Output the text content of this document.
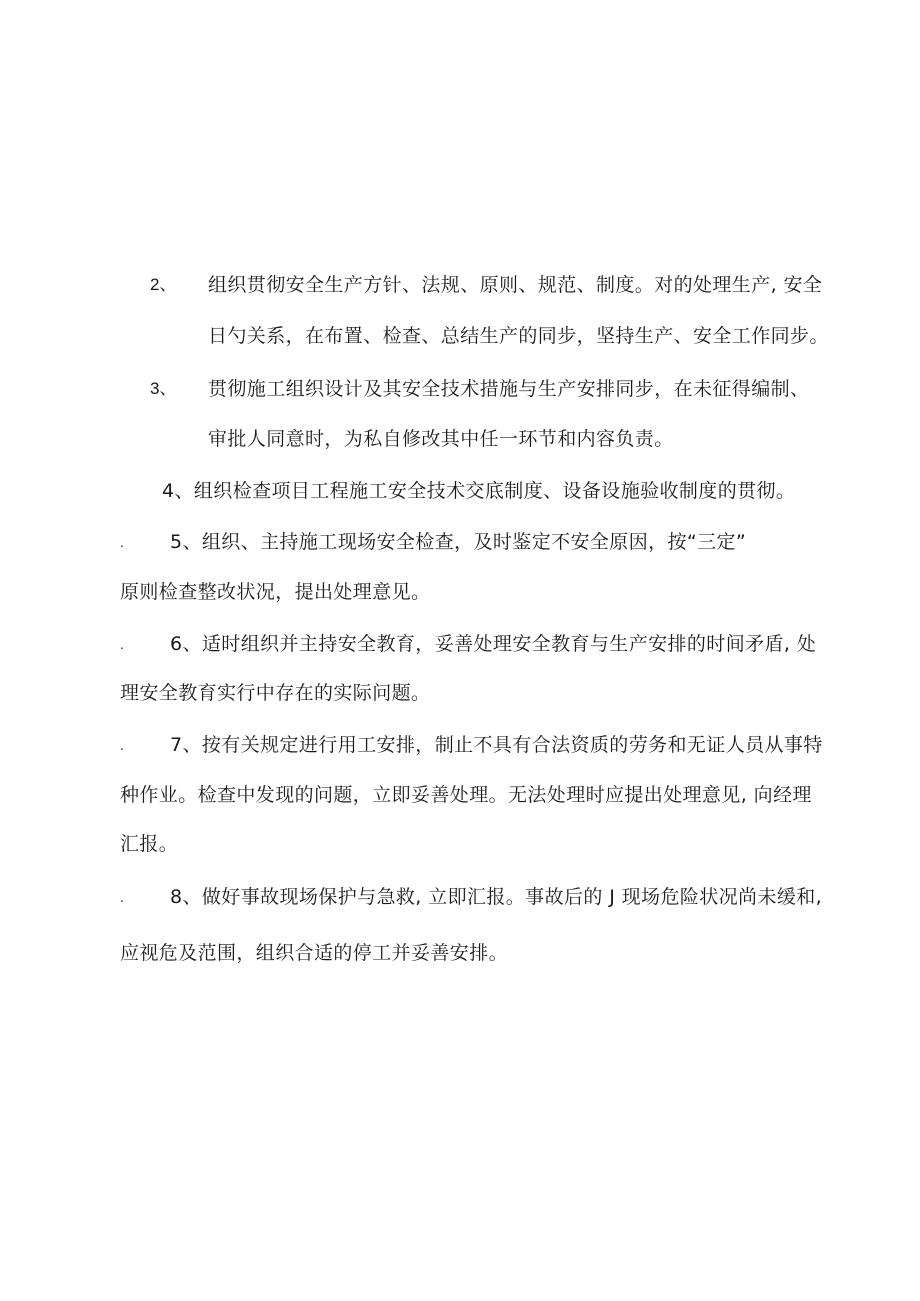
2、 组织贯彻安全生产方针、法规、原则、规范、制度。对的处理生产, 安全
日勺关系，在布置、检查、总结生产的同步，坚持生产、安全工作同步。
3、 贯彻施工组织设计及其安全技术措施与生产安排同步，在未征得编制、
审批人同意时，为私自修改其中任一环节和内容负责。
4、组织检查项目工程施工安全技术交底制度、设备设施验收制度的贯彻。
. 5、组织、主持施工现场安全检查，及时鉴定不安全原因，按“三定”
原则检查整改状况，提出处理意见。
. 6、适时组织并主持安全教育，妥善处理安全教育与生产安排的时间矛盾, 处
理安全教育实行中存在的实际问题。
. 7、按有关规定进行用工安排，制止不具有合法资质的劳务和无证人员从事特
种作业。检查中发现的问题，立即妥善处理。无法处理时应提出处理意见, 向经理
汇报。
. 8、做好事故现场保护与急救, 立即汇报。事故后的 J 现场危险状况尚未缓和,
应视危及范围，组织合适的停工并妥善安排。
